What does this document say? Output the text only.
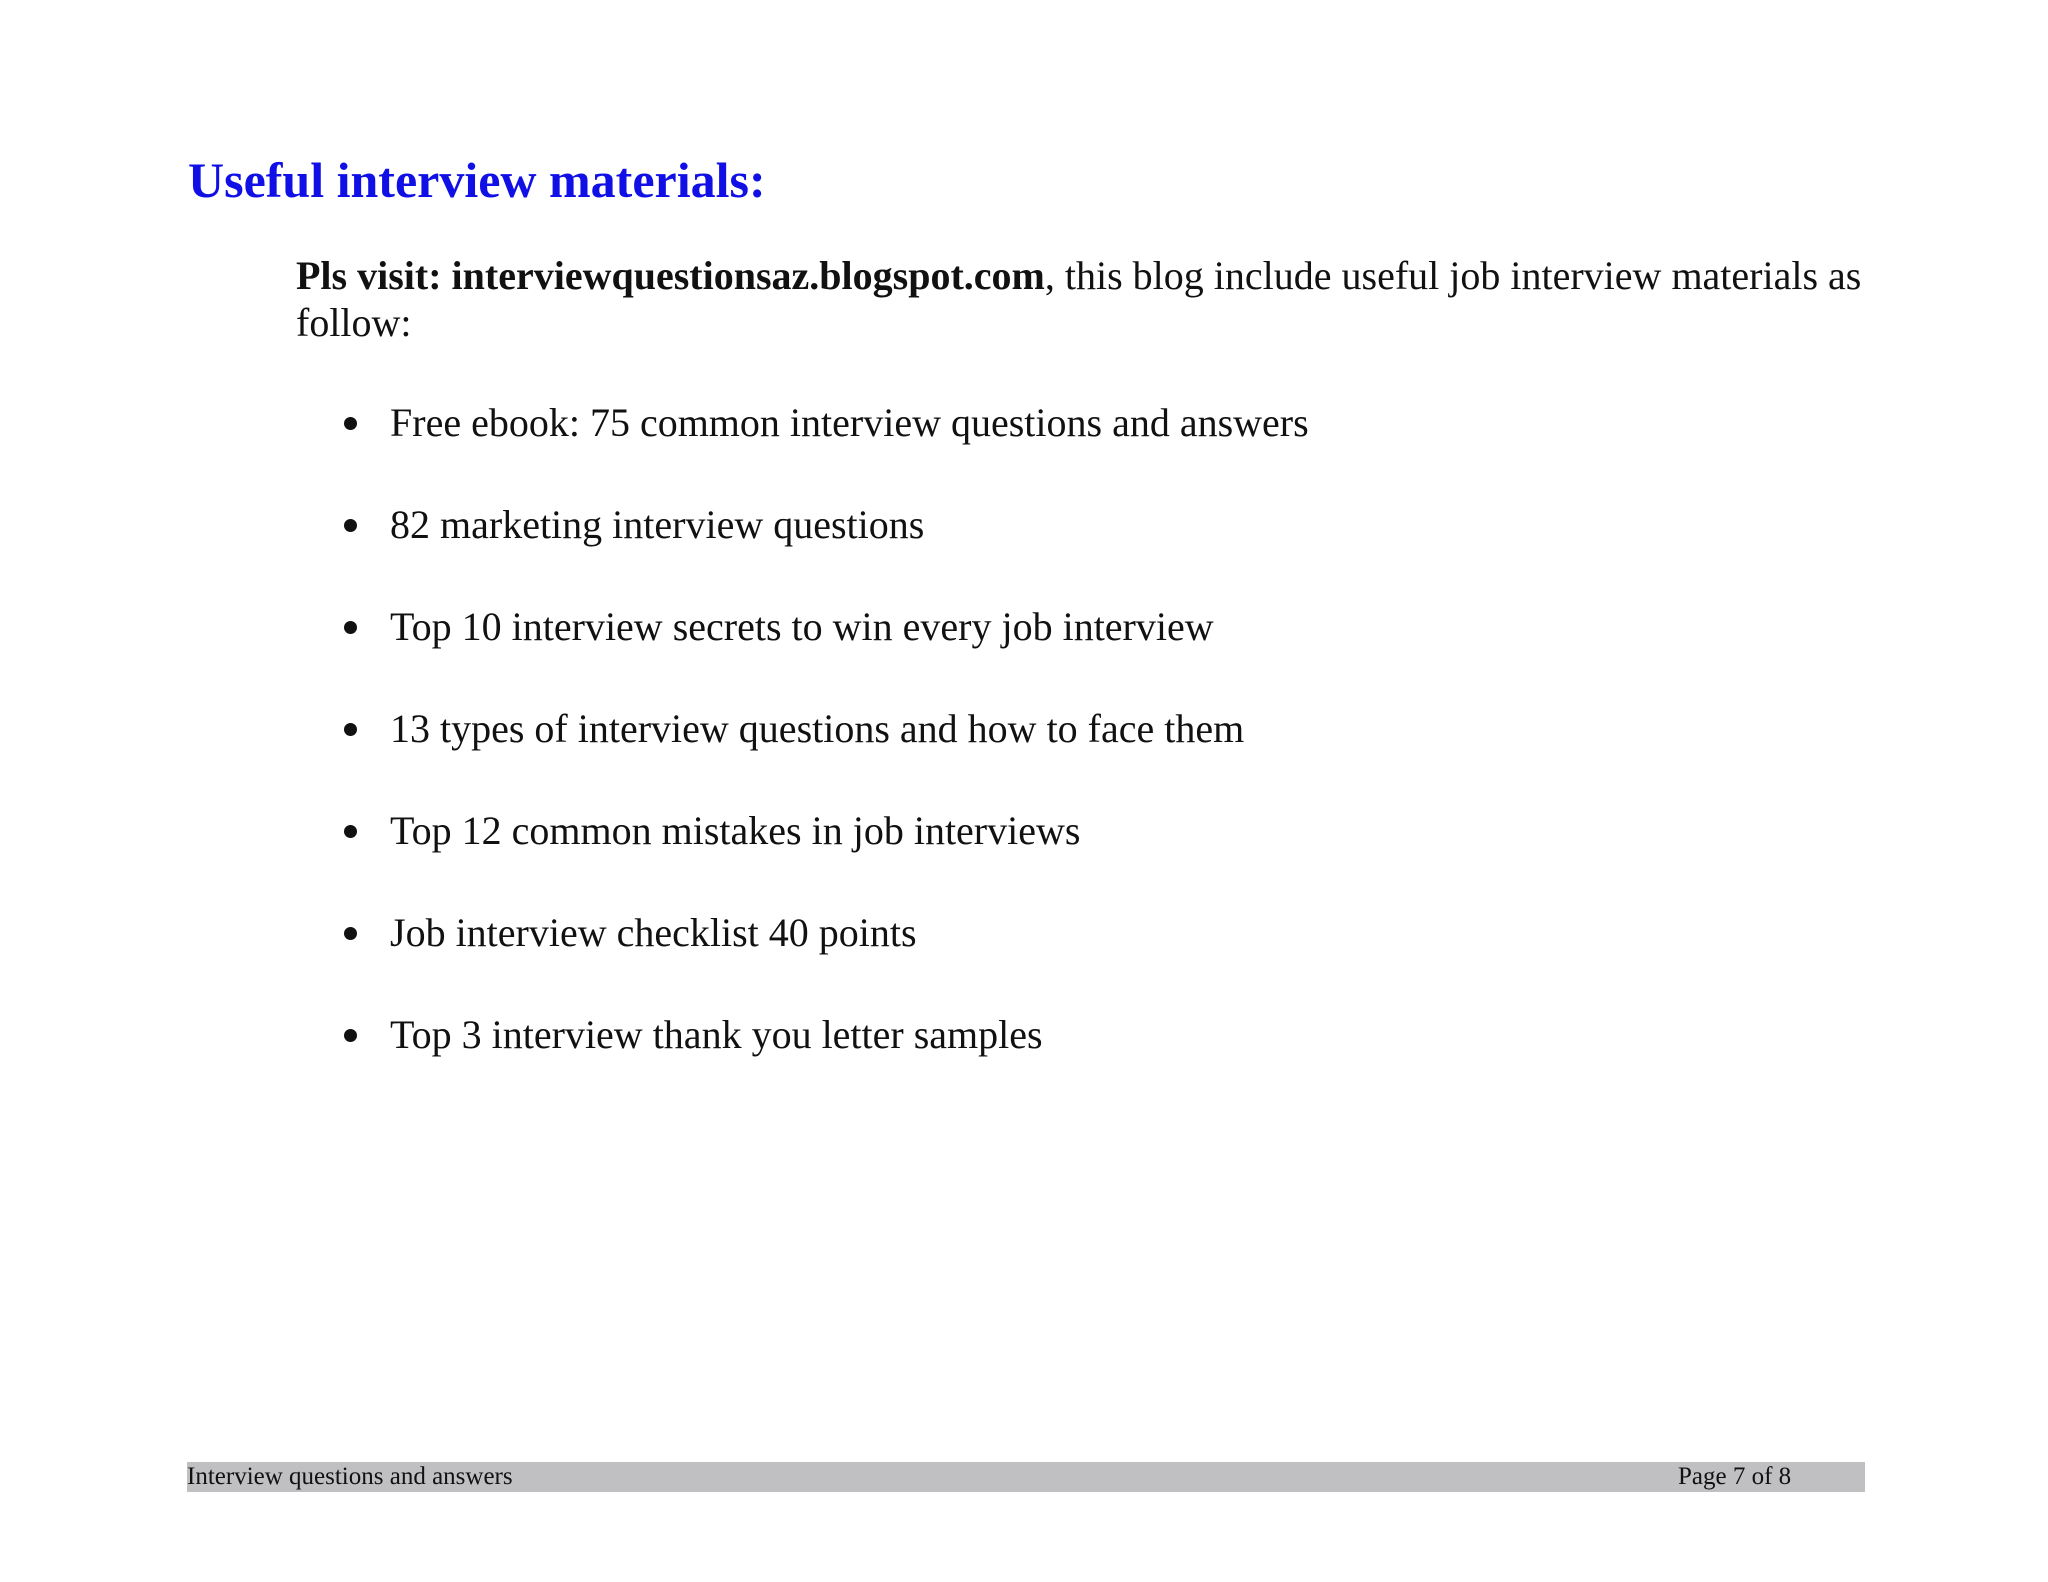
Useful interview materials:

Pls visit: interviewquestionsaz.blogspot.com, this blog include useful job interview materials as follow:

Free ebook: 75 common interview questions and answers
82 marketing interview questions
Top 10 interview secrets to win every job interview
13 types of interview questions and how to face them
Top 12 common mistakes in job interviews
Job interview checklist 40 points
Top 3 interview thank you letter samples
Interview questions and answers	Page 7 of 8
